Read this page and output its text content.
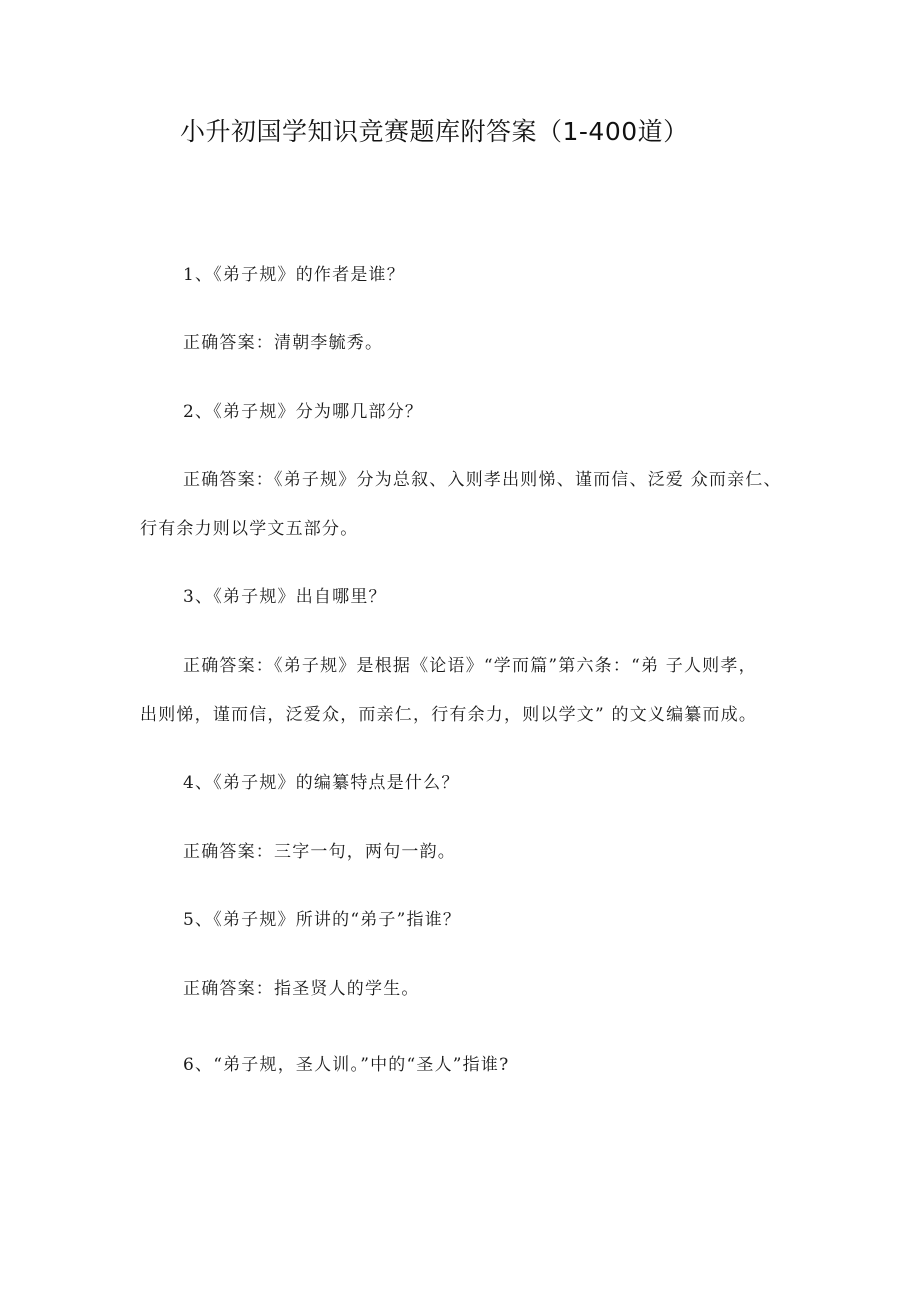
小升初国学知识竞赛题库附答案（1-400道）
1、《弟子规》的作者是谁？
正确答案：清朝李毓秀。
2、《弟子规》分为哪几部分？
正确答案：《弟子规》分为总叙、入则孝出则悌、谨而信、泛爱 众而亲仁、
行有余力则以学文五部分。
3、《弟子规》出自哪里？
正确答案：《弟子规》是根据《论语》“学而篇”第六条：“弟 子人则孝，
出则悌，谨而信，泛爱众，而亲仁，行有余力，则以学文” 的文义编纂而成。
4、《弟子规》的编纂特点是什么？
正确答案：三字一句，两句一韵。
5、《弟子规》所讲的“弟子”指谁？
正确答案：指圣贤人的学生。
6、“弟子规，圣人训。”中的“圣人”指谁?
